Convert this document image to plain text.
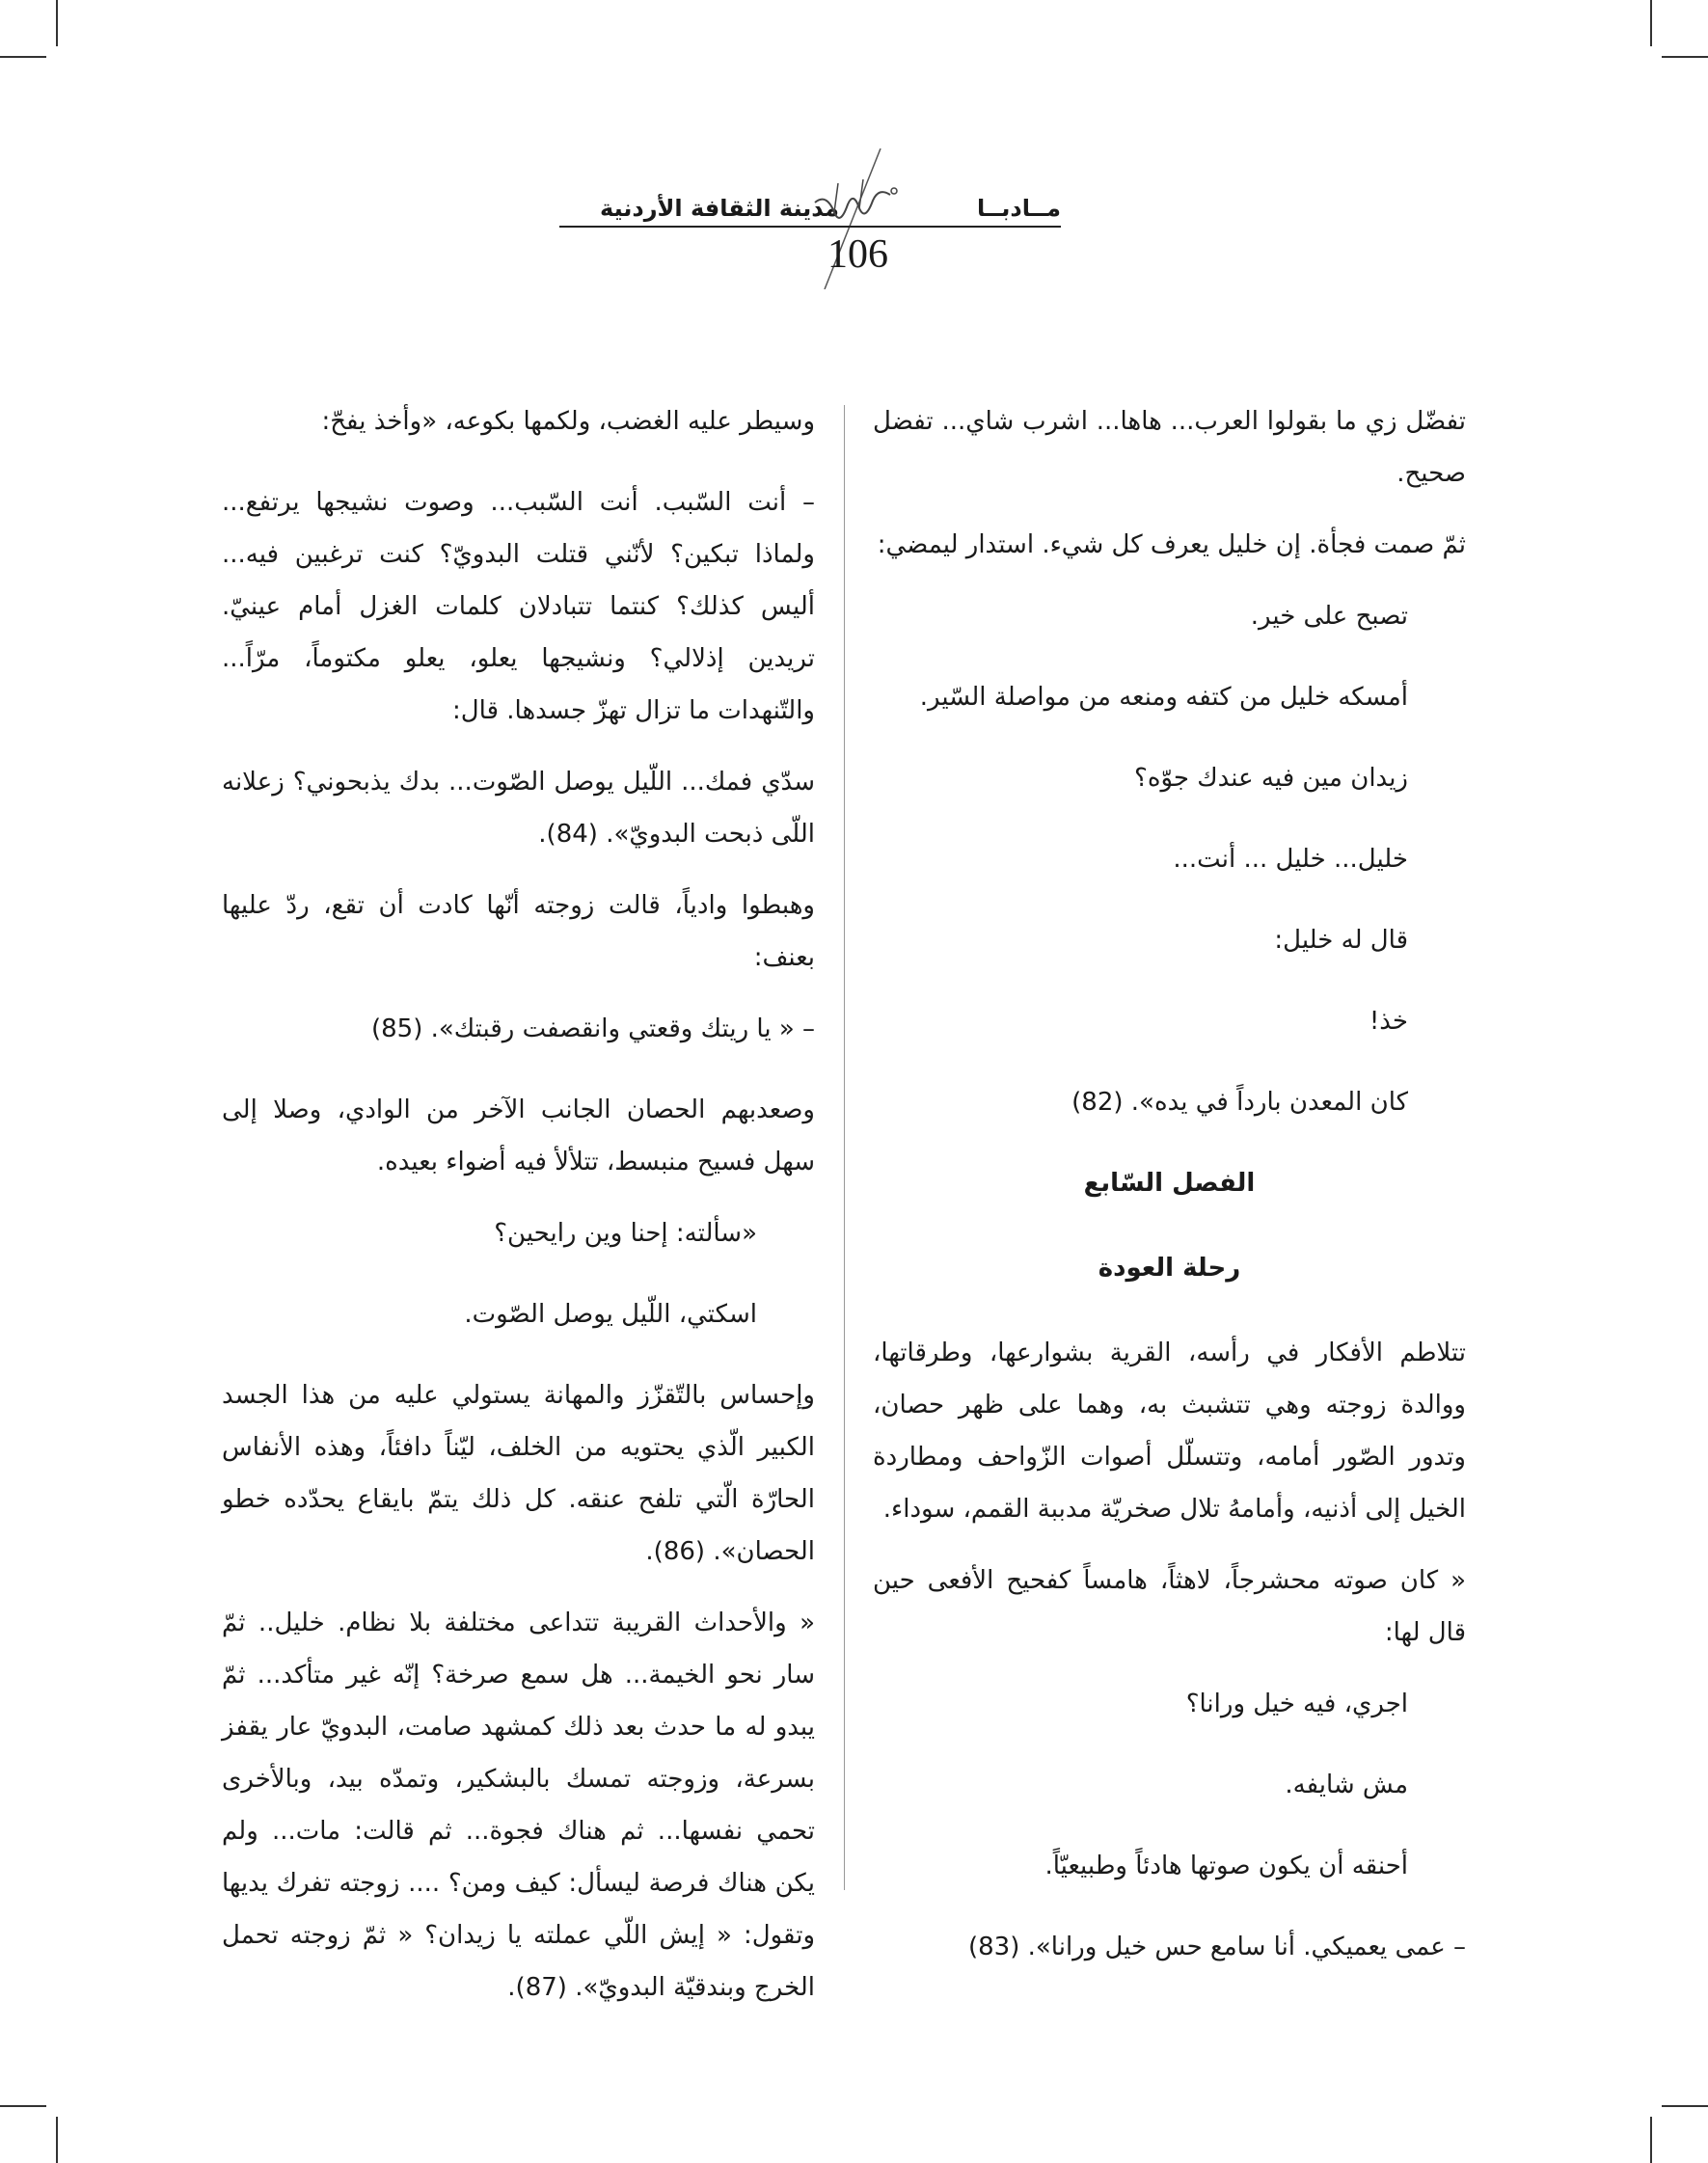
مــادبــا
مدينة الثقافة الأردنية
106

تفضّل زي ما بقولوا العرب... هاها... اشرب شاي... تفضل صحيح.

ثمّ صمت فجأة. إن خليل يعرف كل شيء. استدار ليمضي:

تصبح على خير.

أمسكه خليل من كتفه ومنعه من مواصلة السّير.

زيدان مين فيه عندك جوّه؟

خليل... خليل ... أنت...

قال له خليل:

خذ!

كان المعدن بارداً في يده». (82)

الفصل السّابع

رحلة العودة

تتلاطم الأفكار في رأسه، القرية بشوارعها، وطرقاتها، ووالدة زوجته وهي تتشبث به، وهما على ظهر حصان، وتدور الصّور أمامه، وتتسلّل أصوات الزّواحف ومطاردة الخيل إلى أذنيه، وأمامهُ تلال صخريّة مدببة القمم، سوداء.

« كان صوته محشرجاً، لاهثاً، هامساً كفحيح الأفعى حين قال لها:

اجري، فيه خيل ورانا؟

مش شايفه.

أحنقه أن يكون صوتها هادئاً وطبيعيّاً.

– عمى يعميكي. أنا سامع حس خيل ورانا». (83)

وسيطر عليه الغضب، ولكمها بكوعه، «وأخذ يفحّ:

– أنت السّبب. أنت السّبب... وصوت نشيجها يرتفع... ولماذا تبكين؟ لأنّني قتلت البدويّ؟ كنت ترغبين فيه... أليس كذلك؟ كنتما تتبادلان كلمات الغزل أمام عينيّ. تريدين إذلالي؟ ونشيجها يعلو، يعلو مكتوماً، مرّاً... والتّنهدات ما تزال تهزّ جسدها. قال:

سدّي فمك... اللّيل يوصل الصّوت... بدك يذبحوني؟ زعلانه اللّى ذبحت البدويّ». (84).

وهبطوا وادياً، قالت زوجته أنّها كادت أن تقع، ردّ عليها بعنف:

– « يا ريتك وقعتي وانقصفت رقبتك». (85)

وصعدبهم الحصان الجانب الآخر من الوادي، وصلا إلى سهل فسيح منبسط، تتلألأ فيه أضواء بعيده.

«سألته: إحنا وين رايحين؟

اسكتي، اللّيل يوصل الصّوت.

وإحساس بالتّقزّز والمهانة يستولي عليه من هذا الجسد الكبير الّذي يحتويه من الخلف، ليّناً دافئاً، وهذه الأنفاس الحارّة الّتي تلفح عنقه. كل ذلك يتمّ بايقاع يحدّده خطو الحصان». (86).

« والأحداث القريبة تتداعى مختلفة بلا نظام. خليل.. ثمّ سار نحو الخيمة... هل سمع صرخة؟ إنّه غير متأكد... ثمّ يبدو له ما حدث بعد ذلك كمشهد صامت، البدويّ عار يقفز بسرعة، وزوجته تمسك بالبشكير، وتمدّه بيد، وبالأخرى تحمي نفسها... ثم هناك فجوة... ثم قالت: مات... ولم يكن هناك فرصة ليسأل: كيف ومن؟ .... زوجته تفرك يديها وتقول: « إيش اللّي عملته يا زيدان؟ « ثمّ زوجته تحمل الخرج وبندقيّة البدويّ». (87).
